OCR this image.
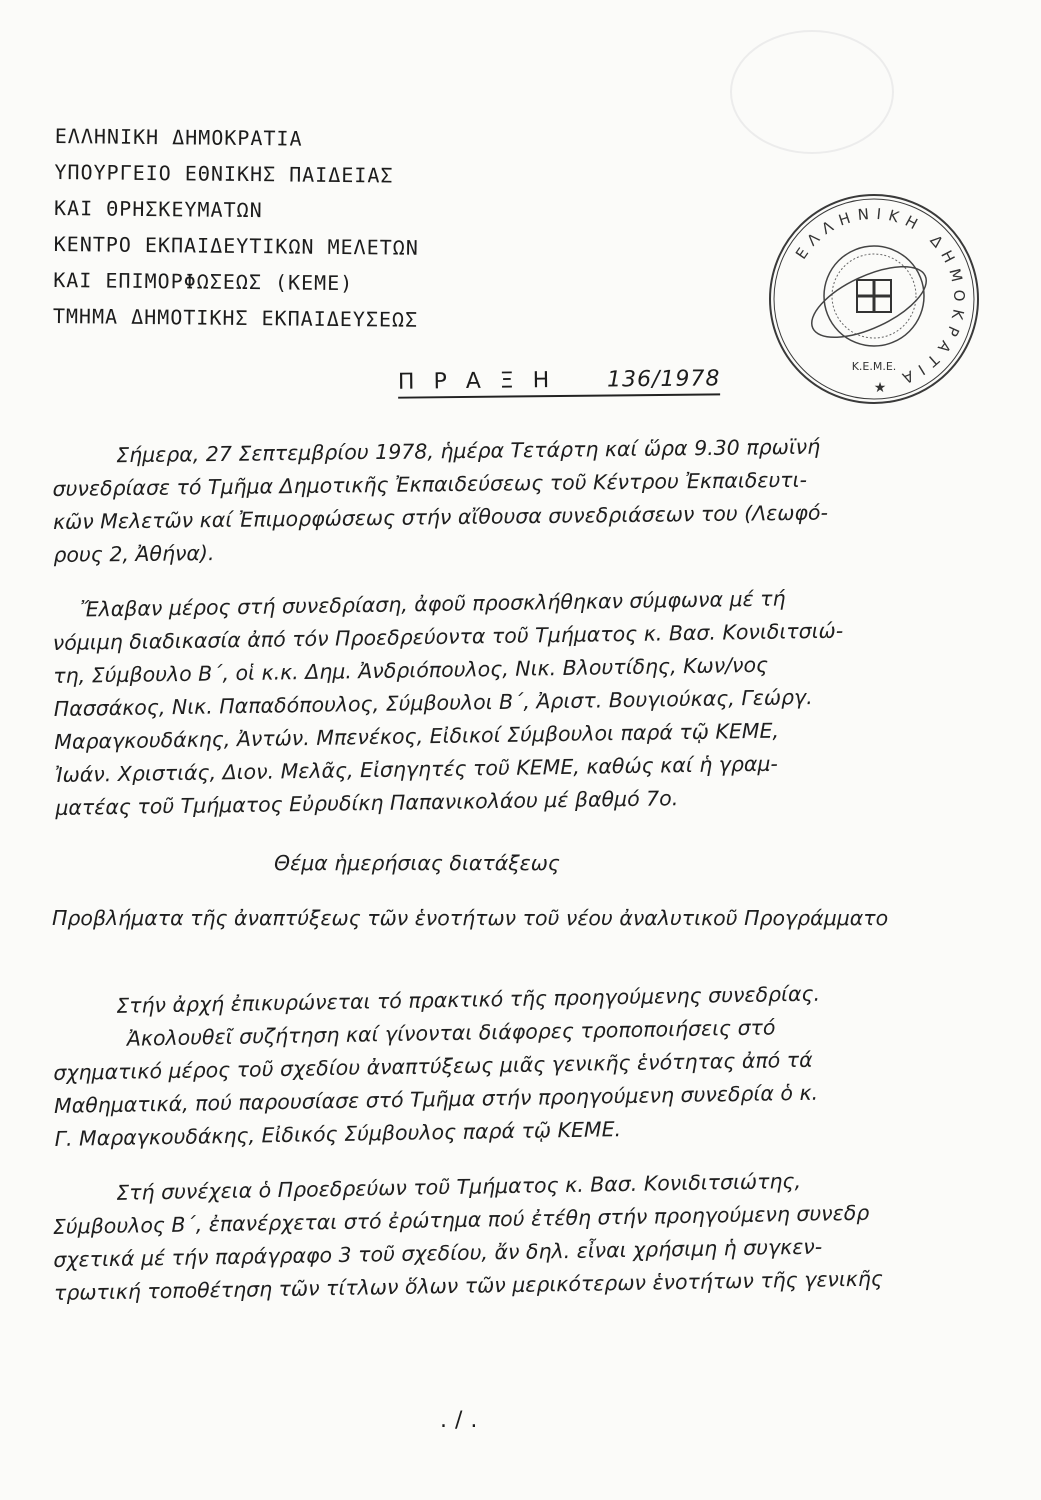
ΕΛΛΗΝΙΚΗ ΔΗΜΟΚΡΑΤΙΑ
ΥΠΟΥΡΓΕΙΟ ΕΘΝΙΚΗΣ ΠΑΙΔΕΙΑΣ
ΚΑΙ ΘΡΗΣΚΕΥΜΑΤΩΝ
ΚΕΝΤΡΟ ΕΚΠΑΙΔΕΥΤΙΚΩΝ ΜΕΛΕΤΩΝ
ΚΑΙ ΕΠΙΜΟΡΦΩΣΕΩΣ (ΚΕΜΕ)
ΤΜΗΜΑ ΔΗΜΟΤΙΚΗΣ ΕΚΠΑΙΔΕΥΣΕΩΣ
ΕΛΛΗΝΙΚΗ ΔΗΜΟΚΡΑΤΙΑ
Κ.Ε.Μ.Ε.
★
Π Ρ Α Ξ Η 136/1978
Σήμερα, 27 Σεπτεμβρίου 1978, ἡμέρα Τετάρτη καί ὥρα 9.30 πρωϊνή
συνεδρίασε τό Τμῆμα Δημοτικῆς Ἐκπαιδεύσεως τοῦ Κέντρου Ἐκπαιδευτι-
κῶν Μελετῶν καί Ἐπιμορφώσεως στήν αἴθουσα συνεδριάσεων του (Λεωφό-
ρους 2, Ἀθήνα).
Ἔλαβαν μέρος στή συνεδρίαση, ἀφοῦ προσκλήθηκαν σύμφωνα μέ τή
νόμιμη διαδικασία ἀπό τόν Προεδρεύοντα τοῦ Τμήματος κ. Βασ. Κονιδιτσιώ-
τη, Σύμβουλο Β΄, οἱ κ.κ. Δημ. Ἀνδριόπουλος, Νικ. Βλουτίδης, Κων/νος
Πασσάκος, Νικ. Παπαδόπουλος, Σύμβουλοι Β΄, Ἀριστ. Βουγιούκας, Γεώργ.
Μαραγκουδάκης, Ἀντών. Μπενέκος, Εἰδικοί Σύμβουλοι παρά τῷ ΚΕΜΕ,
Ἰωάν. Χριστιάς, Διον. Μελᾶς, Εἰσηγητές τοῦ ΚΕΜΕ, καθώς καί ἡ γραμ-
ματέας τοῦ Τμήματος Εὐρυδίκη Παπανικολάου μέ βαθμό 7ο.
Θέμα ἡμερήσιας διατάξεως
Προβλήματα τῆς ἀναπτύξεως τῶν ἑνοτήτων τοῦ νέου ἀναλυτικοῦ Προγράμματο
Στήν ἀρχή ἐπικυρώνεται τό πρακτικό τῆς προηγούμενης συνεδρίας.
Ἀκολουθεῖ συζήτηση καί γίνονται διάφορες τροποποιήσεις στό
σχηματικό μέρος τοῦ σχεδίου ἀναπτύξεως μιᾶς γενικῆς ἑνότητας ἀπό τά
Μαθηματικά, πού παρουσίασε στό Τμῆμα στήν προηγούμενη συνεδρία ὁ κ.
Γ. Μαραγκουδάκης, Εἰδικός Σύμβουλος παρά τῷ ΚΕΜΕ.
Στή συνέχεια ὁ Προεδρεύων τοῦ Τμήματος κ. Βασ. Κονιδιτσιώτης,
Σύμβουλος Β΄, ἐπανέρχεται στό ἐρώτημα πού ἐτέθη στήν προηγούμενη συνεδρ
σχετικά μέ τήν παράγραφο 3 τοῦ σχεδίου, ἄν δηλ. εἶναι χρήσιμη ἡ συγκεν-
τρωτική τοποθέτηση τῶν τίτλων ὅλων τῶν μερικότερων ἑνοτήτων τῆς γενικῆς
./.
